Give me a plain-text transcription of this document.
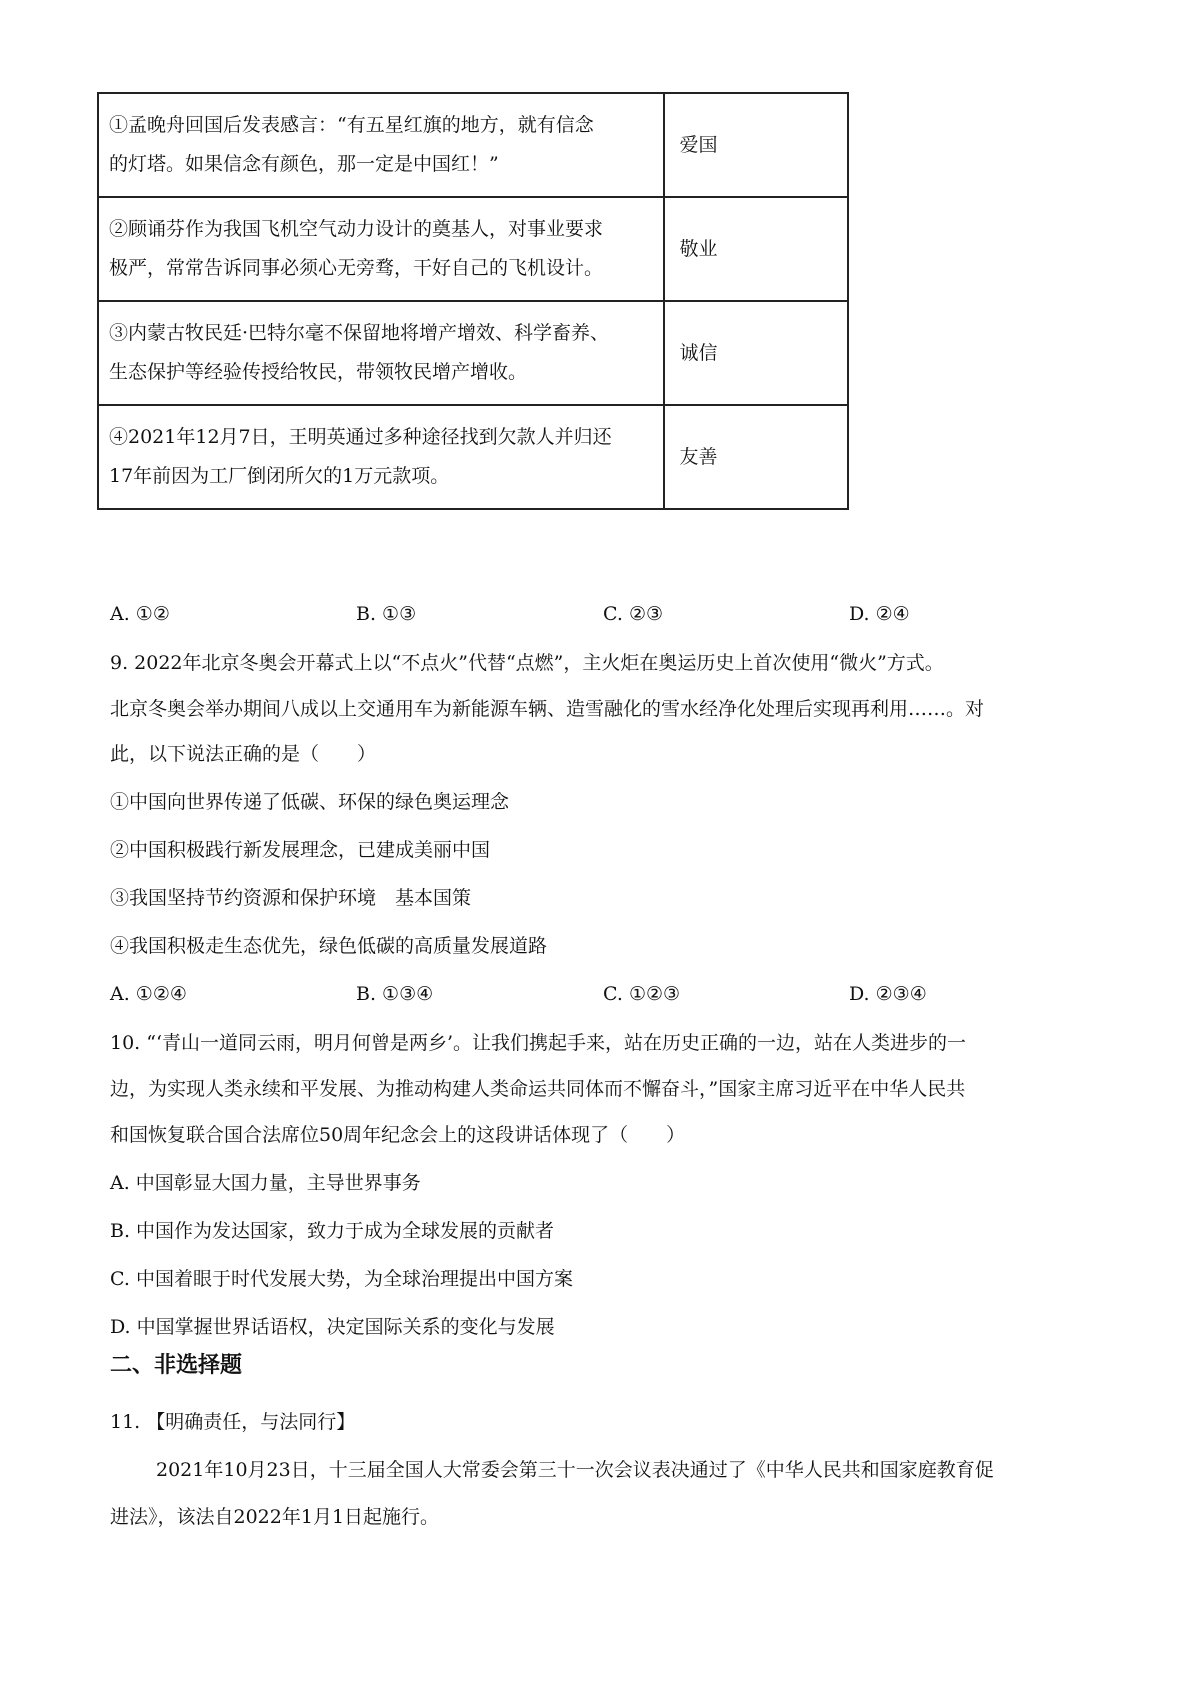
①孟晚舟回国后发表感言：“有五星红旗的地方，就有信念
的灯塔。如果信念有颜色，那一定是中国红！”	爱国

②顾诵芬作为我国飞机空气动力设计的奠基人，对事业要求
极严，常常告诉同事必须心无旁骛，干好自己的飞机设计。	敬业

③内蒙古牧民廷·巴特尔毫不保留地将增产增效、科学畜养、
生态保护等经验传授给牧民，带领牧民增产增收。	诚信

④2021年12月7日，王明英通过多种途径找到欠款人并归还
17年前因为工厂倒闭所欠的1万元款项。	友善
A. ①②	B. ①③	C. ②③	D. ②④
9. 2022年北京冬奥会开幕式上以“不点火”代替“点燃”，主火炬在奥运历史上首次使用“微火”方式。
北京冬奥会举办期间八成以上交通用车为新能源车辆、造雪融化的雪水经净化处理后实现再利用……。对
此，以下说法正确的是（　　）
①中国向世界传递了低碳、环保的绿色奥运理念
②中国积极践行新发展理念，已建成美丽中国
③我国坚持节约资源和保护环境　基本国策
④我国积极走生态优先，绿色低碳的高质量发展道路
A. ①②④	B. ①③④	C. ①②③	D. ②③④
10. “‘青山一道同云雨，明月何曾是两乡’。让我们携起手来，站在历史正确的一边，站在人类进步的一
边，为实现人类永续和平发展、为推动构建人类命运共同体而不懈奋斗，”国家主席习近平在中华人民共
和国恢复联合国合法席位50周年纪念会上的这段讲话体现了（　　）
A. 中国彰显大国力量，主导世界事务
B. 中国作为发达国家，致力于成为全球发展的贡献者
C. 中国着眼于时代发展大势，为全球治理提出中国方案
D. 中国掌握世界话语权，决定国际关系的变化与发展
二、非选择题
11. 【明确责任，与法同行】
2021年10月23日，十三届全国人大常委会第三十一次会议表决通过了《中华人民共和国家庭教育促
进法》，该法自2022年1月1日起施行。
